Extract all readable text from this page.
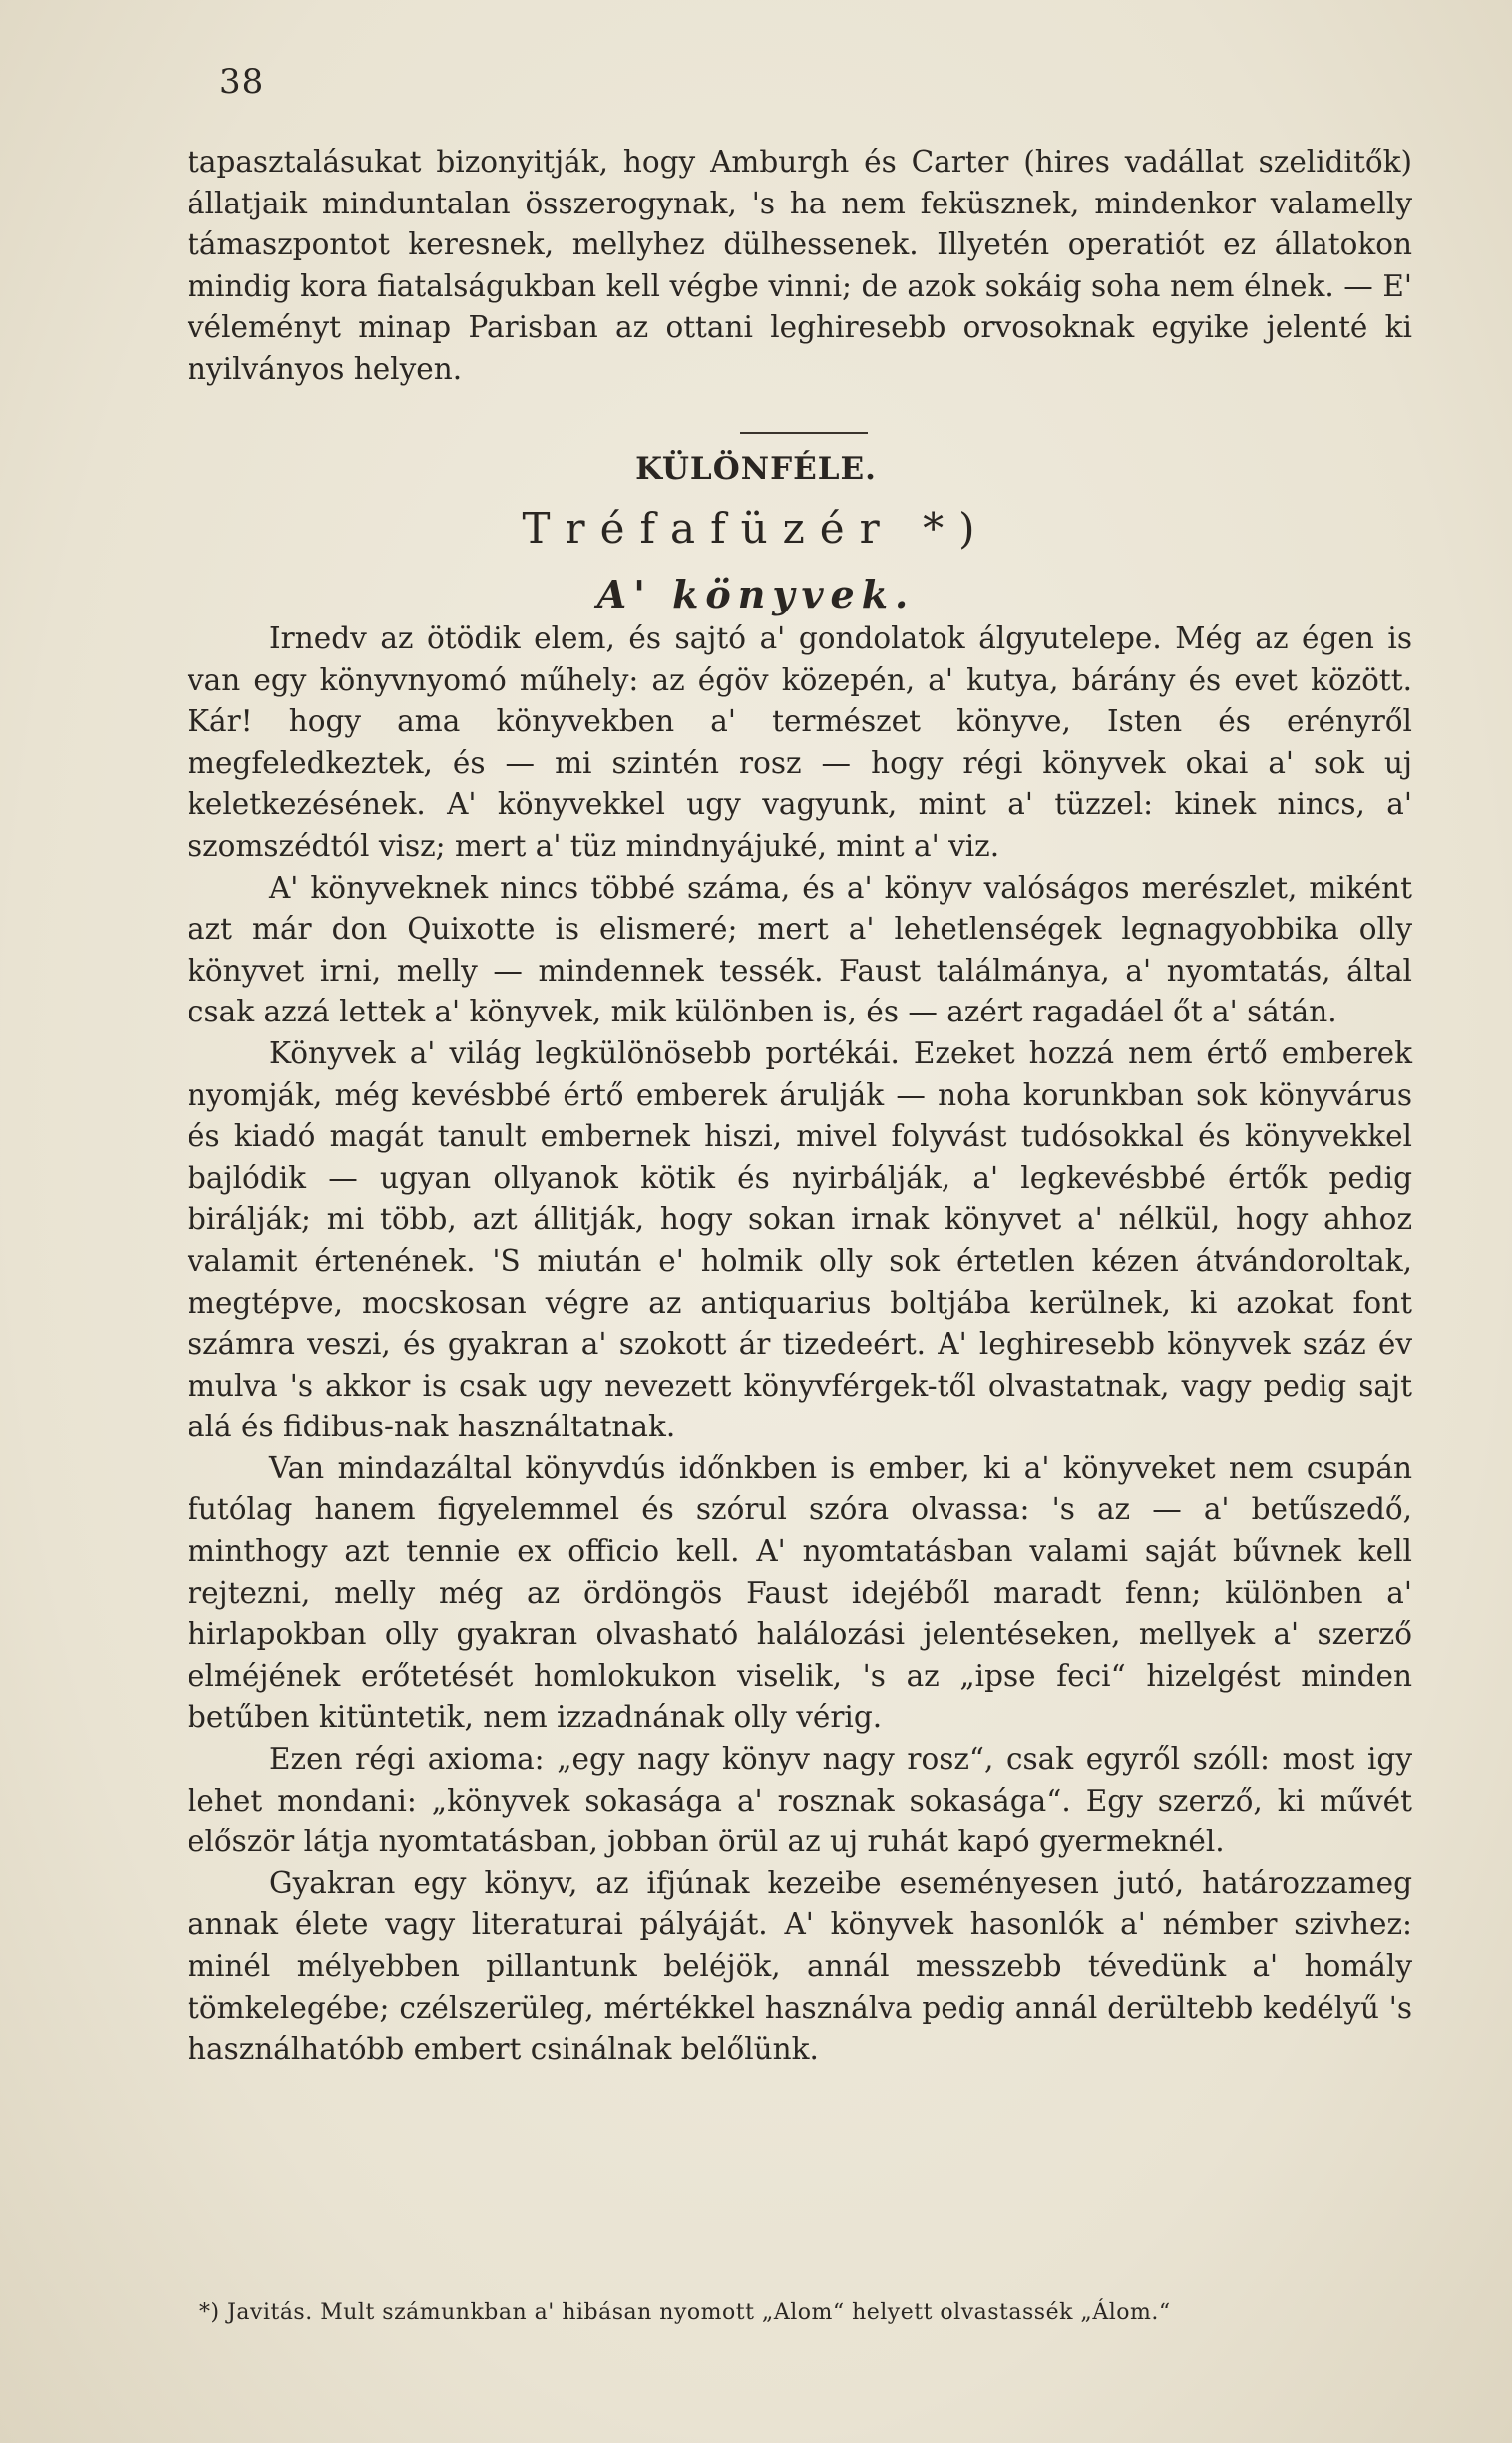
38

tapasztalásukat bizonyitják, hogy Amburgh és Carter (hires vadállat szeliditők) állatjaik minduntalan összerogynak, 's ha nem feküsznek, mindenkor valamelly támaszpontot keresnek, mellyhez dülhessenek. Illyetén operatiót ez állatokon mindig kora fiatalságukban kell végbe vinni; de azok sokáig soha nem élnek. — E' véleményt minap Parisban az ottani leghiresebb orvosoknak egyike jelenté ki nyilványos helyen.

KÜLÖNFÉLE.
Tréfafüzér *)
A' könyvek.

Irnedv az ötödik elem, és sajtó a' gondolatok álgyutelepe. Még az égen is van egy könyvnyomó műhely: az égöv közepén, a' kutya, bárány és evet között. Kár! hogy ama könyvekben a' természet könyve, Isten és erényről megfeledkeztek, és — mi szintén rosz — hogy régi könyvek okai a' sok uj keletkezésének. A' könyvekkel ugy vagyunk, mint a' tüzzel: kinek nincs, a' szomszédtól visz; mert a' tüz mindnyájuké, mint a' viz.

A' könyveknek nincs többé száma, és a' könyv valóságos merészlet, miként azt már don Quixotte is elismeré; mert a' lehetlenségek legnagyobbika olly könyvet irni, melly — mindennek tessék. Faust találmánya, a' nyomtatás, által csak azzá lettek a' könyvek, mik különben is, és — azért ragadáel őt a' sátán.

Könyvek a' világ legkülönösebb portékái. Ezeket hozzá nem értő emberek nyomják, még kevésbbé értő emberek árulják — noha korunkban sok könyvárus és kiadó magát tanult embernek hiszi, mivel folyvást tudósokkal és könyvekkel bajlódik — ugyan ollyanok kötik és nyirbálják, a' legkevésbbé értők pedig birálják; mi több, azt állitják, hogy sokan irnak könyvet a' nélkül, hogy ahhoz valamit értenének. 'S miután e' holmik olly sok értetlen kézen átvándoroltak, megtépve, mocskosan végre az antiquarius boltjába kerülnek, ki azokat font számra veszi, és gyakran a' szokott ár tizedeért. A' leghiresebb könyvek száz év mulva 's akkor is csak ugy nevezett könyvférgek-től olvastatnak, vagy pedig sajt alá és fidibus-nak használtatnak.

Van mindazáltal könyvdús időnkben is ember, ki a' könyveket nem csupán futólag hanem figyelemmel és szórul szóra olvassa: 's az — a' betűszedő, minthogy azt tennie ex officio kell. A' nyomtatásban valami saját bűvnek kell rejtezni, melly még az ördöngös Faust idejéből maradt fenn; különben a' hirlapokban olly gyakran olvasható halálozási jelentéseken, mellyek a' szerző elméjének erőtetését homlokukon viselik, 's az „ipse feci“ hizelgést minden betűben kitüntetik, nem izzadnának olly vérig.

Ezen régi axioma: „egy nagy könyv nagy rosz“, csak egyről szóll: most igy lehet mondani: „könyvek sokasága a' rosznak sokasága“. Egy szerző, ki művét először látja nyomtatásban, jobban örül az uj ruhát kapó gyermeknél.

Gyakran egy könyv, az ifjúnak kezeibe eseményesen jutó, határozzameg annak élete vagy literaturai pályáját. A' könyvek hasonlók a' némber szivhez: minél mélyebben pillantunk beléjök, annál messzebb tévedünk a' homály tömkelegébe; czélszerüleg, mértékkel használva pedig annál derültebb kedélyű 's használhatóbb embert csinálnak belőlünk.

*) Javitás. Mult számunkban a' hibásan nyomott „Alom“ helyett olvastassék „Álom.“
